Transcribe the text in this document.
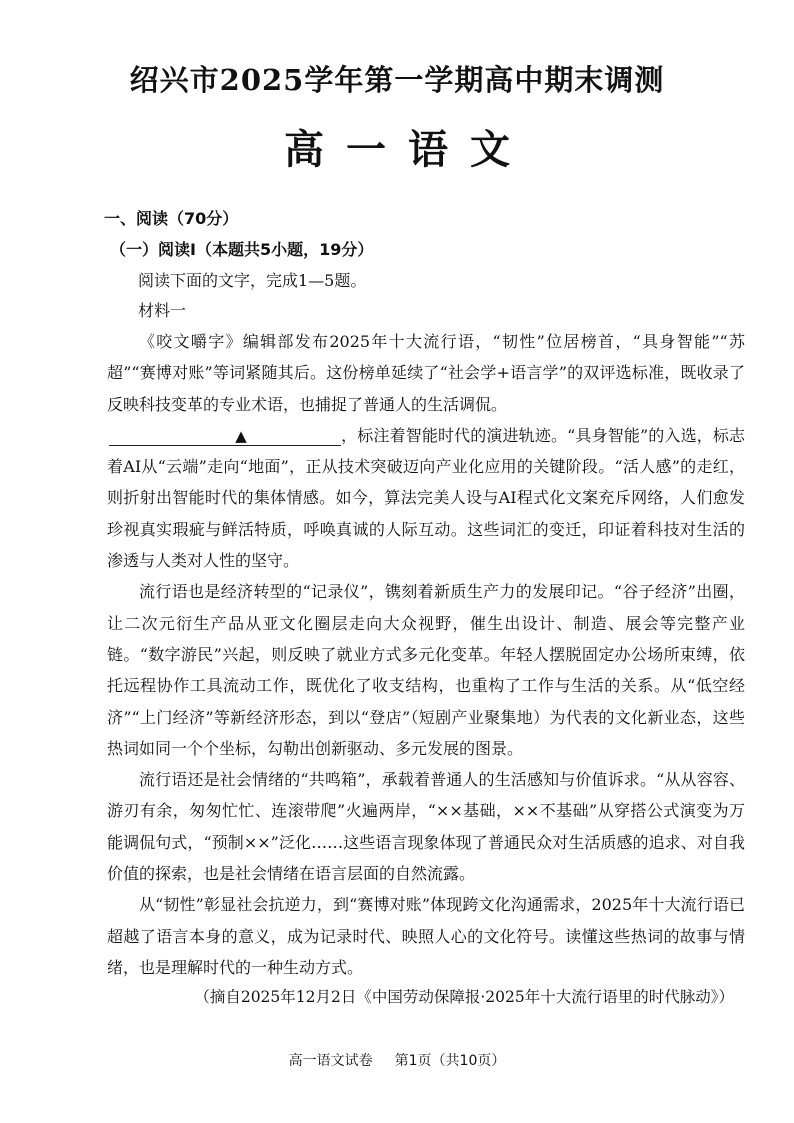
绍兴市2025学年第一学期高中期末调测
高一语文
一、阅读（70分）
（一）阅读Ⅰ（本题共5小题，19分）
阅读下面的文字，完成1—5题。
材料一

《咬文嚼字》编辑部发布2025年十大流行语，“韧性”位居榜首，“具身智能”“苏超”“赛博对账”等词紧随其后。这份榜单延续了“社会学+语言学”的双评选标准，既收录了反映科技变革的专业术语，也捕捉了普通人的生活调侃。

▲	，标注着智能时代的演进轨迹。“具身智能”的入选，标志着AI从“云端”走向“地面”，正从技术突破迈向产业化应用的关键阶段。“活人感”的走红，则折射出智能时代的集体情感。如今，算法完美人设与AI程式化文案充斥网络，人们愈发珍视真实瑕疵与鲜活特质，呼唤真诚的人际互动。这些词汇的变迁，印证着科技对生活的渗透与人类对人性的坚守。

流行语也是经济转型的“记录仪”，镌刻着新质生产力的发展印记。“谷子经济”出圈，让二次元衍生产品从亚文化圈层走向大众视野，催生出设计、制造、展会等完整产业链。“数字游民”兴起，则反映了就业方式多元化变革。年轻人摆脱固定办公场所束缚，依托远程协作工具流动工作，既优化了收支结构，也重构了工作与生活的关系。从“低空经济”“上门经济”等新经济形态，到以“登店”（短剧产业聚集地）为代表的文化新业态，这些热词如同一个个坐标，勾勒出创新驱动、多元发展的图景。

流行语还是社会情绪的“共鸣箱”，承载着普通人的生活感知与价值诉求。“从从容容、游刃有余，匆匆忙忙、连滚带爬”火遍两岸，“××基础，××不基础”从穿搭公式演变为万能调侃句式，“预制××”泛化……这些语言现象体现了普通民众对生活质感的追求、对自我价值的探索，也是社会情绪在语言层面的自然流露。

从“韧性”彰显社会抗逆力，到“赛博对账”体现跨文化沟通需求，2025年十大流行语已超越了语言本身的意义，成为记录时代、映照人心的文化符号。读懂这些热词的故事与情绪，也是理解时代的一种生动方式。

（摘自2025年12月2日《中国劳动保障报·2025年十大流行语里的时代脉动》）
高一语文试卷 第1页（共10页）
